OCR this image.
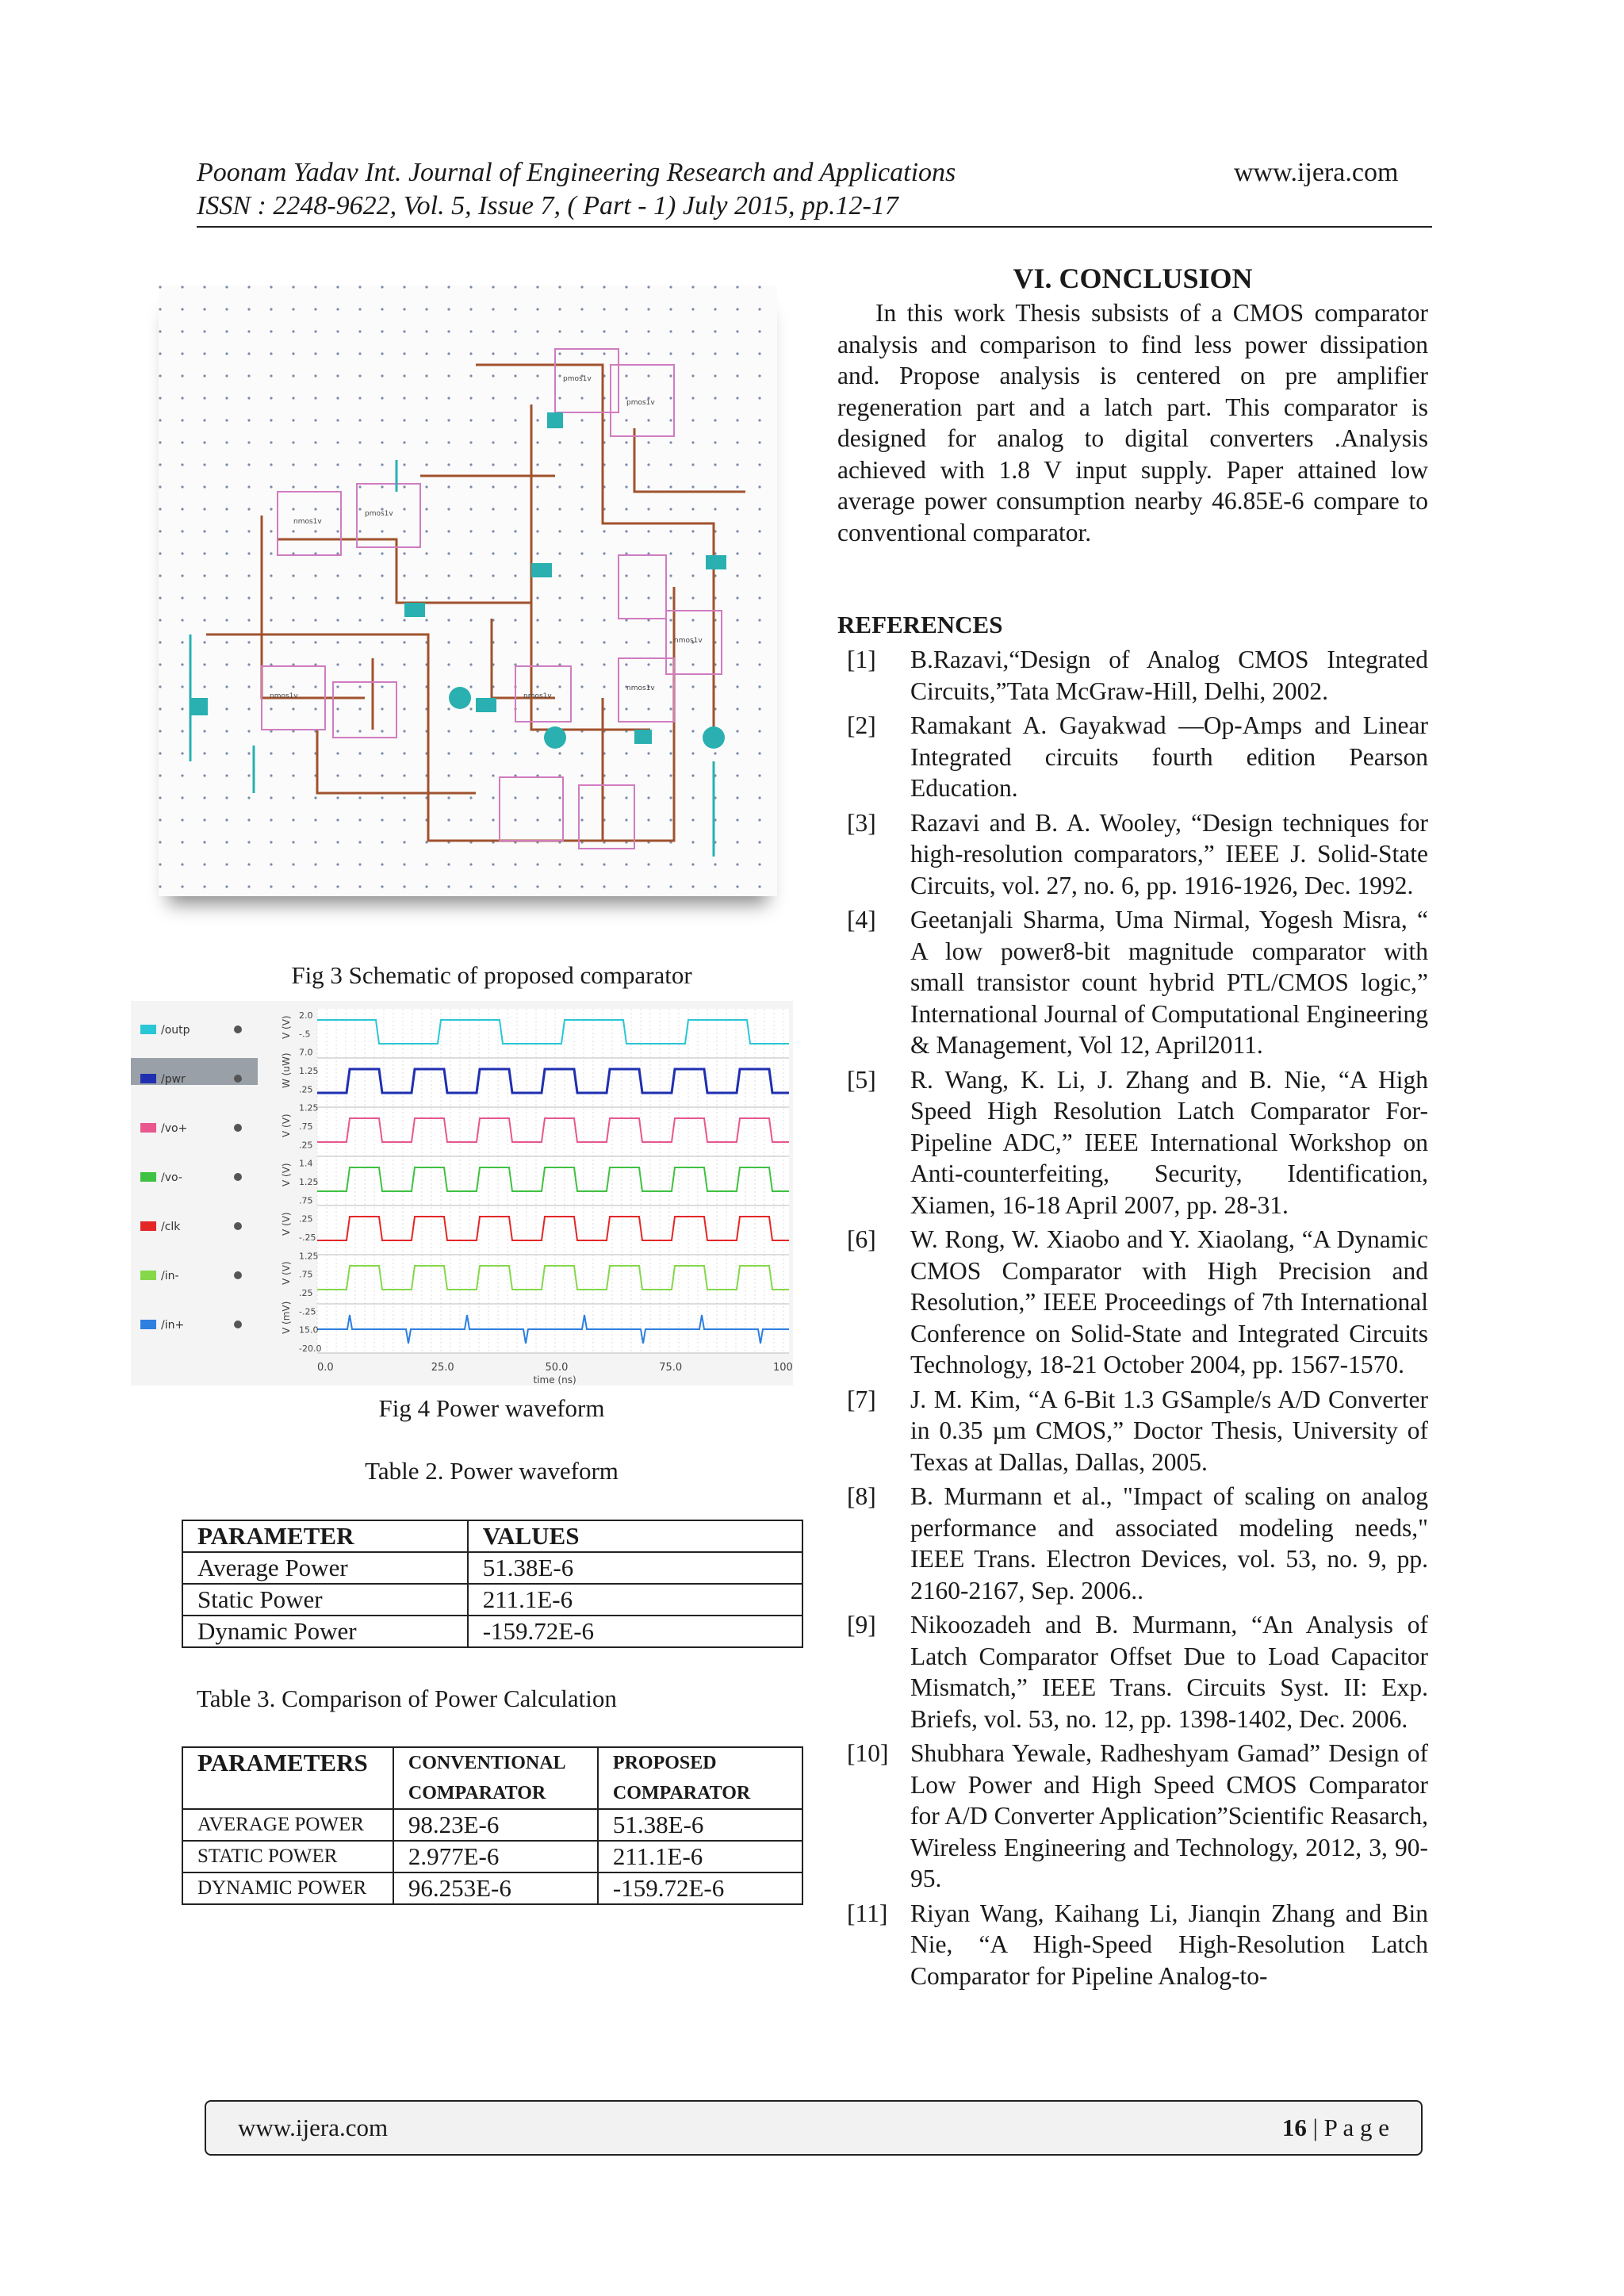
Poonam Yadav Int. Journal of Engineering Research and Applications	www.ijera.com
ISSN : 2248-9622, Vol. 5, Issue 7, ( Part - 1) July 2015, pp.12-17
nmos1v
pmos1v
nmos1v
pmos1v
pmos1v
nmos1v
nmos1v
nmos1v
Fig 3 Schematic of proposed comparator
/outp	V (V)
/pwr	W (uW)
/vo+	V (V)
/vo-	V (V)
/clk	V (V)
/in-	V (V)
/in+	V (mV)
2.0
-.5
7.0
1.25
.25
1.25
.75
.25
1.4
1.25
.75
.25
-.25
1.25
.75
.25
-.25
15.0
-20.0
0.0	25.0	50.0	75.0	100
time (ns)
Fig 4 Power waveform
Table 2. Power waveform
PARAMETER	VALUES
Average Power	51.38E-6
Static Power	211.1E-6
Dynamic Power	-159.72E-6
Table 3. Comparison of Power Calculation
PARAMETERS	CONVENTIONAL COMPARATOR	PROPOSED COMPARATOR
AVERAGE POWER	98.23E-6	51.38E-6
STATIC POWER	2.977E-6	211.1E-6
DYNAMIC POWER	96.253E-6	-159.72E-6
VI. CONCLUSION
In this work Thesis subsists of a CMOS comparator analysis and comparison to find less power dissipation and. Propose analysis is centered on pre amplifier regeneration part and a latch part. This comparator is designed for analog to digital converters .Analysis achieved with 1.8 V input supply. Paper attained low average power consumption nearby 46.85E-6 compare to conventional comparator.
REFERENCES
[1]	B.Razavi,“Design of Analog CMOS Integrated Circuits,”Tata McGraw-Hill, Delhi, 2002.
[2]	Ramakant A. Gayakwad —Op-Amps and Linear Integrated circuits fourth edition Pearson Education.
[3]	Razavi and B. A. Wooley, “Design techniques for high-resolution comparators,” IEEE J. Solid-State Circuits, vol. 27, no. 6, pp. 1916-1926, Dec. 1992.
[4]	Geetanjali Sharma, Uma Nirmal, Yogesh Misra, “ A low power8-bit magnitude comparator with small transistor count hybrid PTL/CMOS logic,” International Journal of Computational Engineering & Management, Vol 12, April2011.
[5]	R. Wang, K. Li, J. Zhang and B. Nie, “A High Speed High Resolution Latch Comparator For-Pipeline ADC,” IEEE International Workshop on Anti-counterfeiting, Security, Identification, Xiamen, 16-18 April 2007, pp. 28-31.
[6]	W. Rong, W. Xiaobo and Y. Xiaolang, “A Dynamic CMOS Comparator with High Precision and Resolution,” IEEE Proceedings of 7th International Conference on Solid-State and Integrated Circuits Technology, 18-21 October 2004, pp. 1567-1570.
[7]	J. M. Kim, “A 6-Bit 1.3 GSample/s A/D Converter in 0.35 µm CMOS,” Doctor Thesis, University of Texas at Dallas, Dallas, 2005.
[8]	B. Murmann et al., "Impact of scaling on analog performance and associated modeling needs," IEEE Trans. Electron Devices, vol. 53, no. 9, pp. 2160-2167, Sep. 2006..
[9]	Nikoozadeh and B. Murmann, “An Analysis of Latch Comparator Offset Due to Load Capacitor Mismatch,” IEEE Trans. Circuits Syst. II: Exp. Briefs, vol. 53, no. 12, pp. 1398-1402, Dec. 2006.
[10] Shubhara Yewale, Radheshyam Gamad” Design of Low Power and High Speed CMOS Comparator for A/D Converter Application”Scientific Reasarch, Wireless Engineering and Technology, 2012, 3, 90-95.
[11] Riyan Wang, Kaihang Li, Jianqin Zhang and Bin Nie, “A High-Speed High-Resolution Latch Comparator for Pipeline Analog-to-
www.ijera.com	16 | P a g e
